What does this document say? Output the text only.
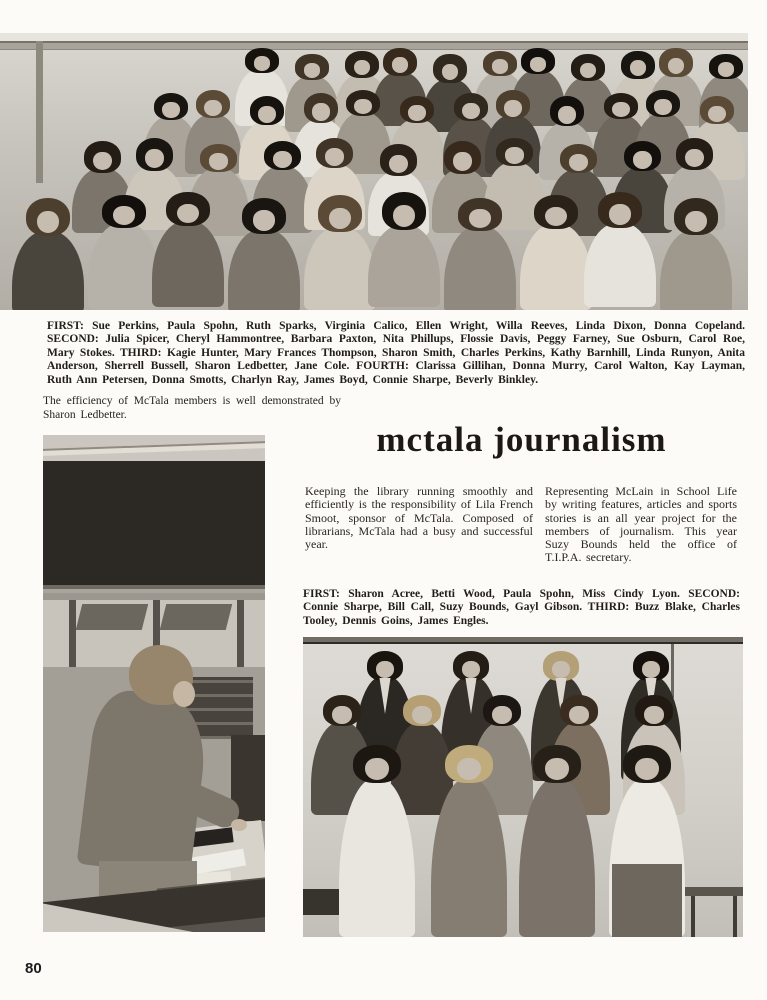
FIRST: Sue Perkins, Paula Spohn, Ruth Sparks, Virginia Calico, Ellen Wright, Willa Reeves, Linda Dixon, Donna Copeland. SECOND: Julia Spicer, Cheryl Hammontree, Barbara Paxton, Nita Phillups, Flossie Davis, Peggy Farney, Sue Osburn, Carol Roe, Mary Stokes. THIRD: Kagie Hunter, Mary Frances Thompson, Sharon Smith, Charles Perkins, Kathy Barnhill, Linda Runyon, Anita Anderson, Sherrell Bussell, Sharon Ledbetter, Jane Cole. FOURTH: Clarissa Gillihan, Donna Murry, Carol Walton, Kay Layman, Ruth Ann Petersen, Donna Smotts, Charlyn Ray, James Boyd, Connie Sharpe, Beverly Binkley.
The efficiency of McTala members is well demonstrated by Sharon Ledbetter.
mctala journalism
Keeping the library running smoothly and efficiently is the responsibility of Lila French Smoot, sponsor of McTala. Composed of librarians, McTala had a busy and successful year.
Representing McLain in School Life by writing features, articles and sports stories is an all year project for the members of journalism. This year Suzy Bounds held the office of T.I.P.A. secretary.
FIRST: Sharon Acree, Betti Wood, Paula Spohn, Miss Cindy Lyon. SECOND: Connie Sharpe, Bill Call, Suzy Bounds, Gayl Gibson. THIRD: Buzz Blake, Charles Tooley, Dennis Goins, James Engles.
80
